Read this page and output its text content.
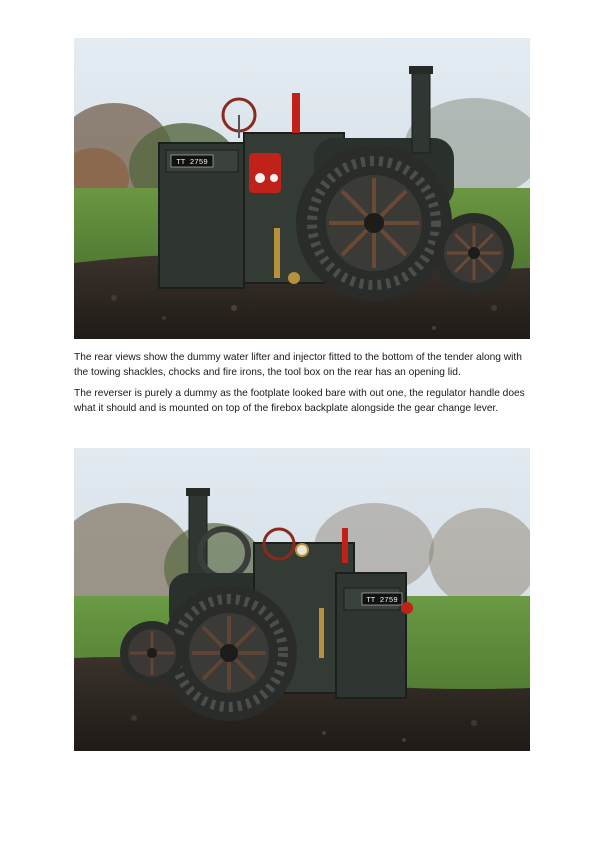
TT 2759

The rear views show the dummy water lifter and injector fitted to the bottom of the tender along with the towing shackles, chocks and fire irons, the tool box on the rear has an opening lid.

The reverser is purely a dummy as the footplate looked bare with out one, the regulator handle does what it should and is mounted on top of the firebox backplate alongside the gear change lever.

TT 2759
